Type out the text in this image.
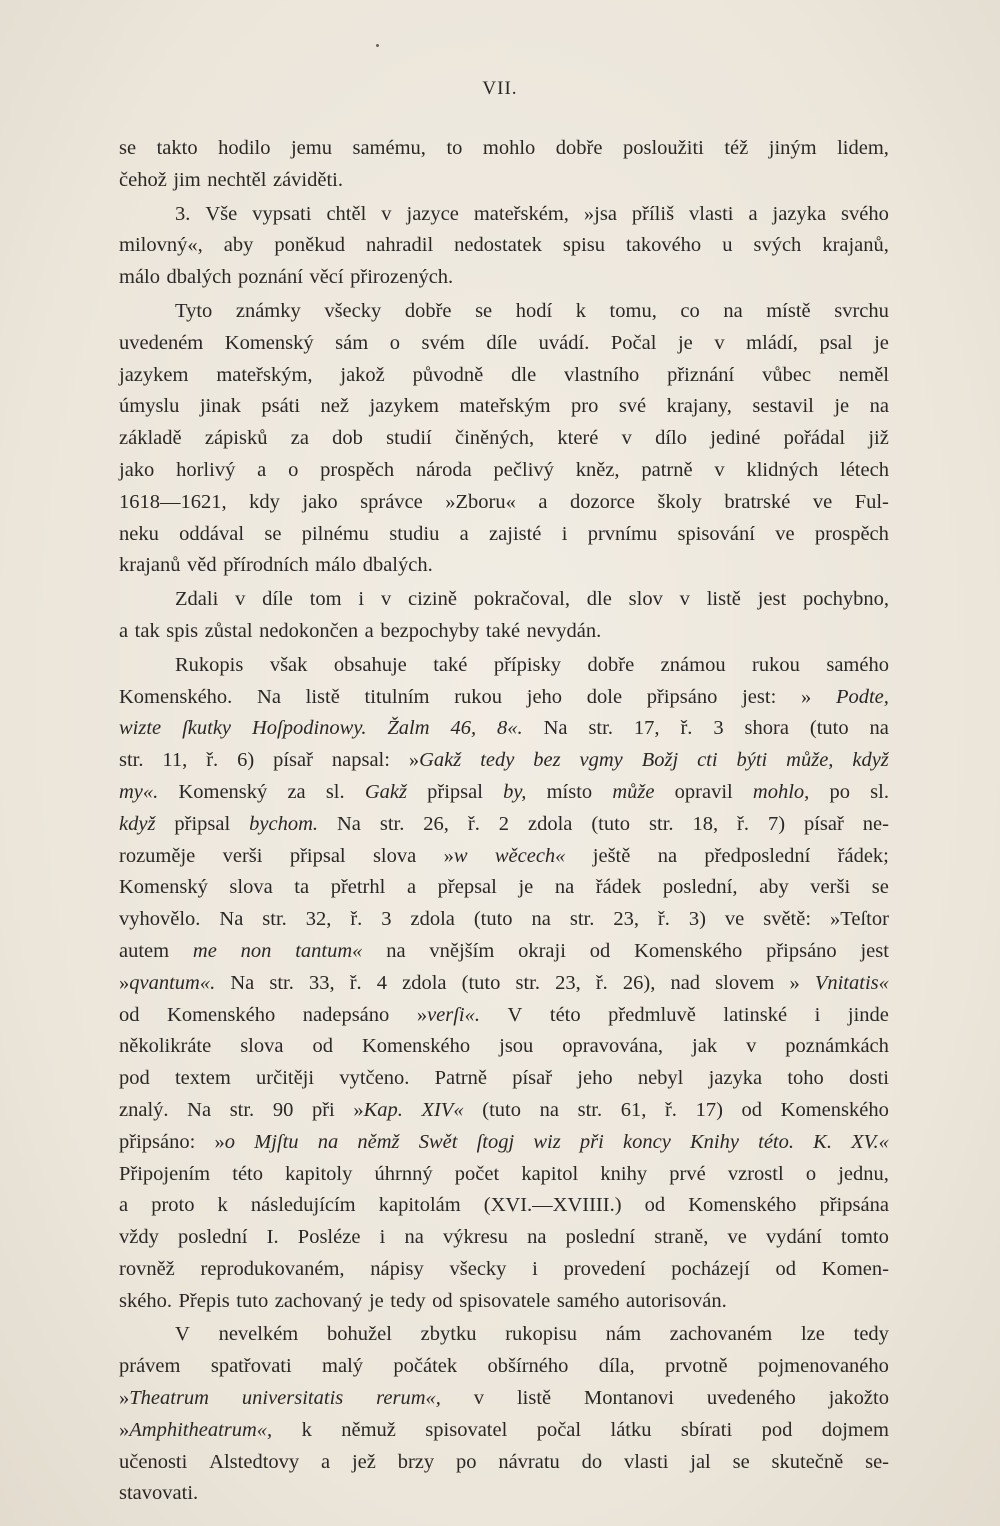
VII.
se takto hodilo jemu samému, to mohlo dobře posloužiti též jiným lidem,
čehož jim nechtěl záviděti.
3. Vše vypsati chtěl v jazyce mateřském, »jsa příliš vlasti a jazyka svého
milovný«, aby poněkud nahradil nedostatek spisu takového u svých krajanů,
málo dbalých poznání věcí přirozených.
Tyto známky všecky dobře se hodí k tomu, co na místě svrchu
uvedeném Komenský sám o svém díle uvádí. Počal je v mládí, psal je
jazykem mateřským, jakož původně dle vlastního přiznání vůbec neměl
úmyslu jinak psáti než jazykem mateřským pro své krajany, sestavil je na
základě zápisků za dob studií činěných, které v dílo jediné pořádal již
jako horlivý a o prospěch národa pečlivý kněz, patrně v klidných létech
1618—1621, kdy jako správce »Zboru« a dozorce školy bratrské ve Ful-
neku oddával se pilnému studiu a zajisté i prvnímu spisování ve prospěch
krajanů věd přírodních málo dbalých.
Zdali v díle tom i v cizině pokračoval, dle slov v listě jest pochybno,
a tak spis zůstal nedokončen a bezpochyby také nevydán.
Rukopis však obsahuje také přípisky dobře známou rukou samého
Komenského. Na listě titulním rukou jeho dole připsáno jest: » Podte,
wizte ſkutky Hoſpodinowy. Žalm 46, 8«. Na str. 17, ř. 3 shora (tuto na
str. 11, ř. 6) písař napsal: »Gakž tedy bez vgmy Božj cti býti může, když
my«. Komenský za sl. Gakž připsal by, místo může opravil mohlo, po sl.
když připsal bychom. Na str. 26, ř. 2 zdola (tuto str. 18, ř. 7) písař ne-
rozuměje verši připsal slova »w wěcech« ještě na předposlední řádek;
Komenský slova ta přetrhl a přepsal je na řádek poslední, aby verši se
vyhovělo. Na str. 32, ř. 3 zdola (tuto na str. 23, ř. 3) ve světě: »Teſtor
autem me non tantum« na vnějším okraji od Komenského připsáno jest
»qvantum«. Na str. 33, ř. 4 zdola (tuto str. 23, ř. 26), nad slovem » Vnitatis«
od Komenského nadepsáno »verſi«. V této předmluvě latinské i jinde
několikráte slova od Komenského jsou opravována, jak v poznámkách
pod textem určitěji vytčeno. Patrně písař jeho nebyl jazyka toho dosti
znalý. Na str. 90 při »Kap. XIV« (tuto na str. 61, ř. 17) od Komenského
připsáno: »o Mjſtu na němž Swět ſtogj wiz při koncy Knihy této. K. XV.«
Připojením této kapitoly úhrnný počet kapitol knihy prvé vzrostl o jednu,
a proto k následujícím kapitolám (XVI.—XVIIII.) od Komenského připsána
vždy poslední I. Posléze i na výkresu na poslední straně, ve vydání tomto
rovněž reprodukovaném, nápisy všecky i provedení pocházejí od Komen-
ského. Přepis tuto zachovaný je tedy od spisovatele samého autorisován.
V nevelkém bohužel zbytku rukopisu nám zachovaném lze tedy
právem spatřovati malý počátek obšírného díla, prvotně pojmenovaného
»Theatrum universitatis rerum«, v listě Montanovi uvedeného jakožto
»Amphitheatrum«, k němuž spisovatel počal látku sbírati pod dojmem
učenosti Alstedtovy a jež brzy po návratu do vlasti jal se skutečně se-
stavovati.
